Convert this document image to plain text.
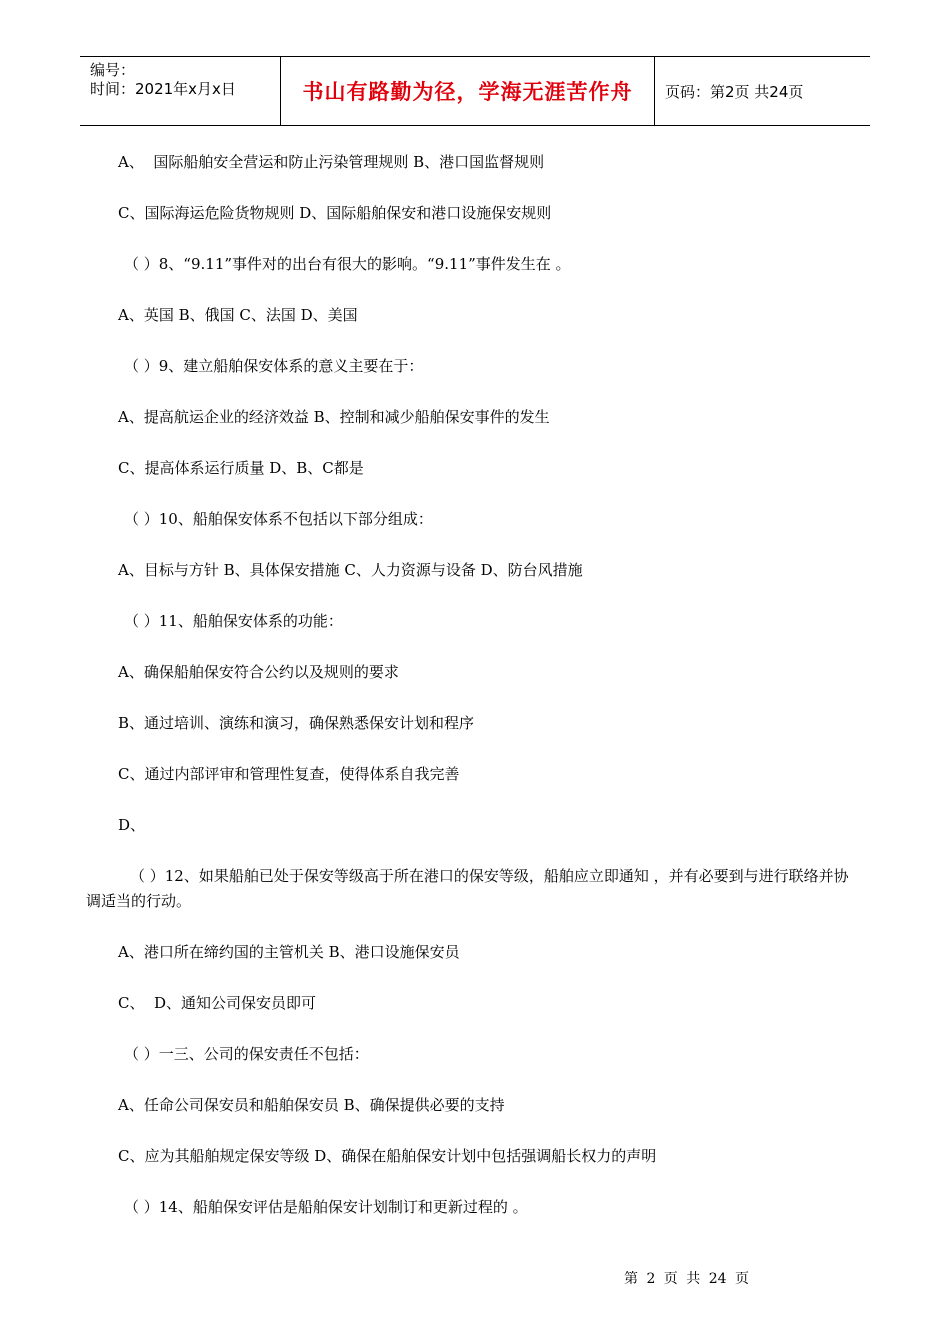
编号：
时间：2021年x月x日	书山有路勤为径，学海无涯苦作舟	页码：第2页 共24页
A、  国际船舶安全营运和防止污染管理规则 B、港口国监督规则
C、国际海运危险货物规则 D、国际船舶保安和港口设施保安规则
（ ）8、“9.11”事件对的出台有很大的影响。“9.11”事件发生在 。
A、英国 B、俄国 C、法国 D、美国
（ ）9、建立船舶保安体系的意义主要在于：
A、提高航运企业的经济效益 B、控制和减少船舶保安事件的发生
C、提高体系运行质量 D、B、C都是
（ ）10、船舶保安体系不包括以下部分组成：
A、目标与方针 B、具体保安措施 C、人力资源与设备 D、防台风措施
（ ）11、船舶保安体系的功能：
A、确保船舶保安符合公约以及规则的要求
B、通过培训、演练和演习，确保熟悉保安计划和程序
C、通过内部评审和管理性复查，使得体系自我完善
D、
（ ）12、如果船舶已处于保安等级高于所在港口的保安等级，船舶应立即通知 ，并有必要到与进行联络并协调适当的行动。
A、港口所在缔约国的主管机关 B、港口设施保安员
C、  D、通知公司保安员即可
（ ）一三、公司的保安责任不包括：
A、任命公司保安员和船舶保安员 B、确保提供必要的支持
C、应为其船舶规定保安等级 D、确保在船舶保安计划中包括强调船长权力的声明
（ ）14、船舶保安评估是船舶保安计划制订和更新过程的 。
第 2 页 共 24 页
